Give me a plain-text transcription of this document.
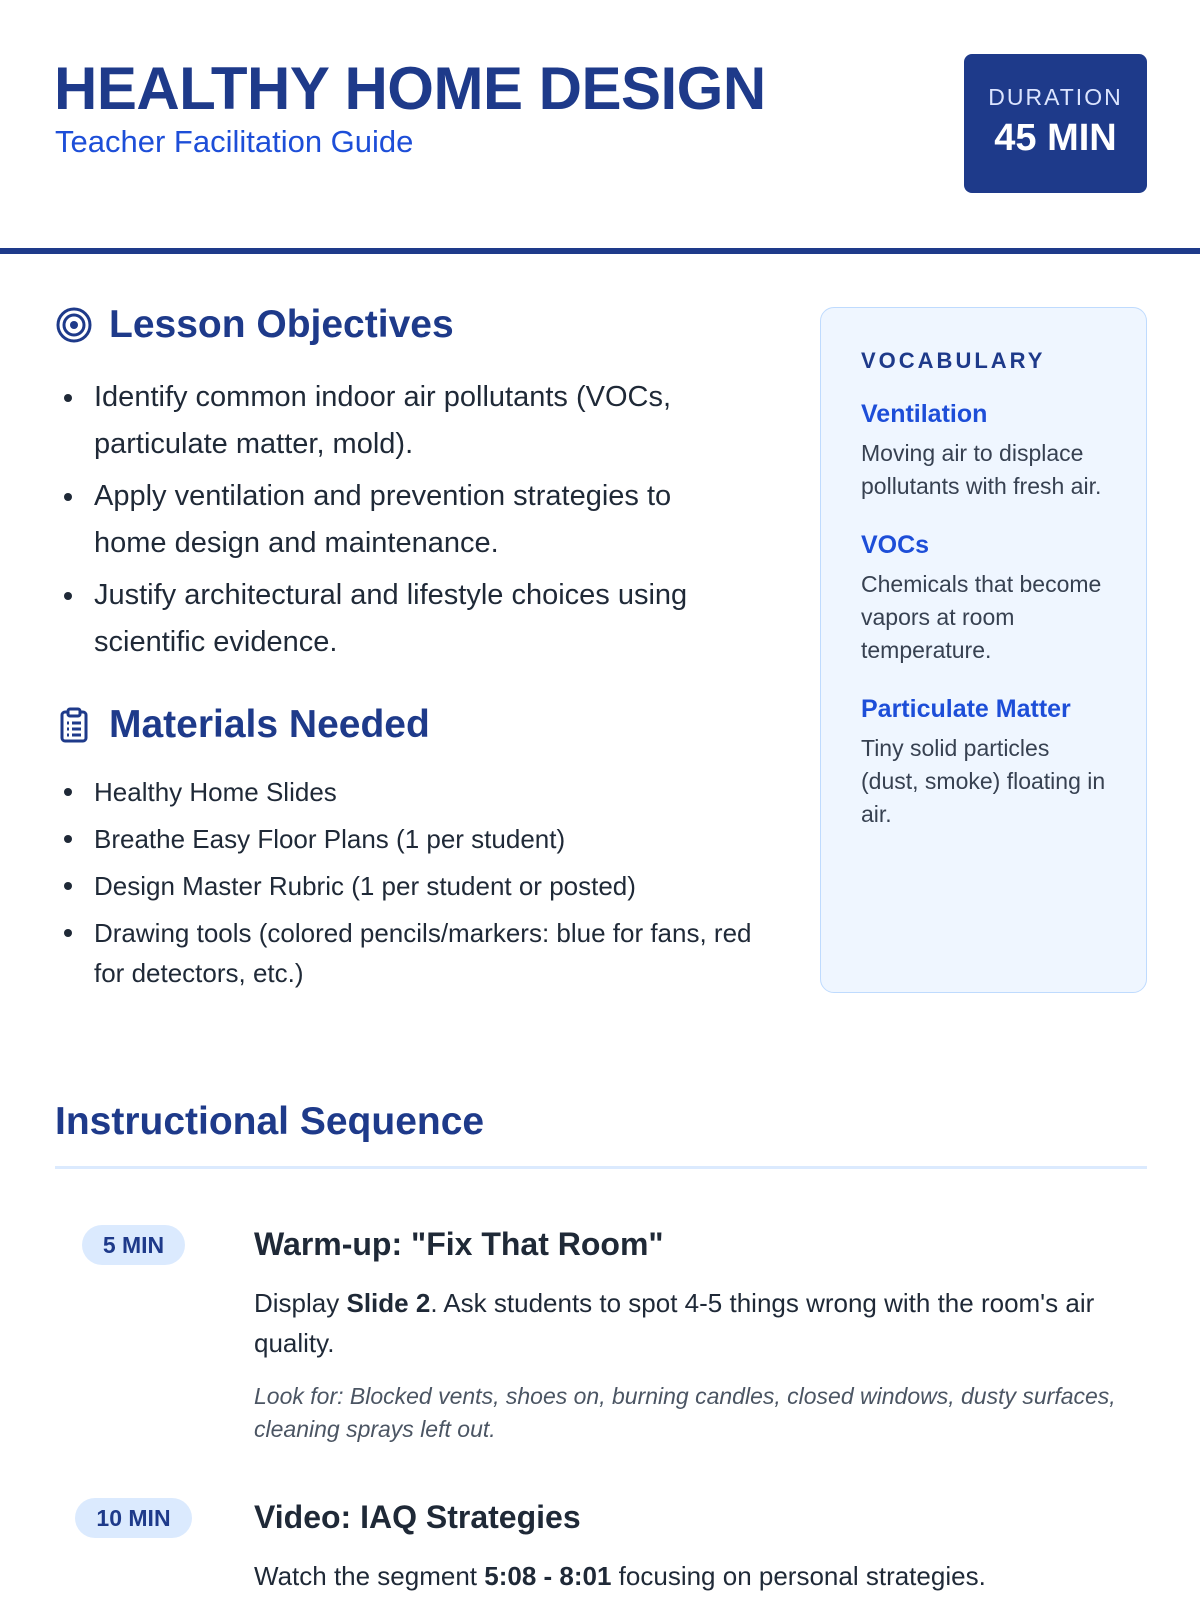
HEALTHY HOME DESIGN
Teacher Facilitation Guide
DURATION
45 MIN
Lesson Objectives
Identify common indoor air pollutants (VOCs, particulate matter, mold).
Apply ventilation and prevention strategies to home design and maintenance.
Justify architectural and lifestyle choices using scientific evidence.
Materials Needed
Healthy Home Slides
Breathe Easy Floor Plans (1 per student)
Design Master Rubric (1 per student or posted)
Drawing tools (colored pencils/markers: blue for fans, red for detectors, etc.)
VOCABULARY
Ventilation
Moving air to displace pollutants with fresh air.
VOCs
Chemicals that become vapors at room temperature.
Particulate Matter
Tiny solid particles (dust, smoke) floating in air.
Instructional Sequence
5 MIN	Warm-up: "Fix That Room"
Display Slide 2. Ask students to spot 4-5 things wrong with the room's air quality.
Look for: Blocked vents, shoes on, burning candles, closed windows, dusty surfaces, cleaning sprays left out.
10 MIN	Video: IAQ Strategies
Watch the segment 5:08 - 8:01 focusing on personal strategies.
